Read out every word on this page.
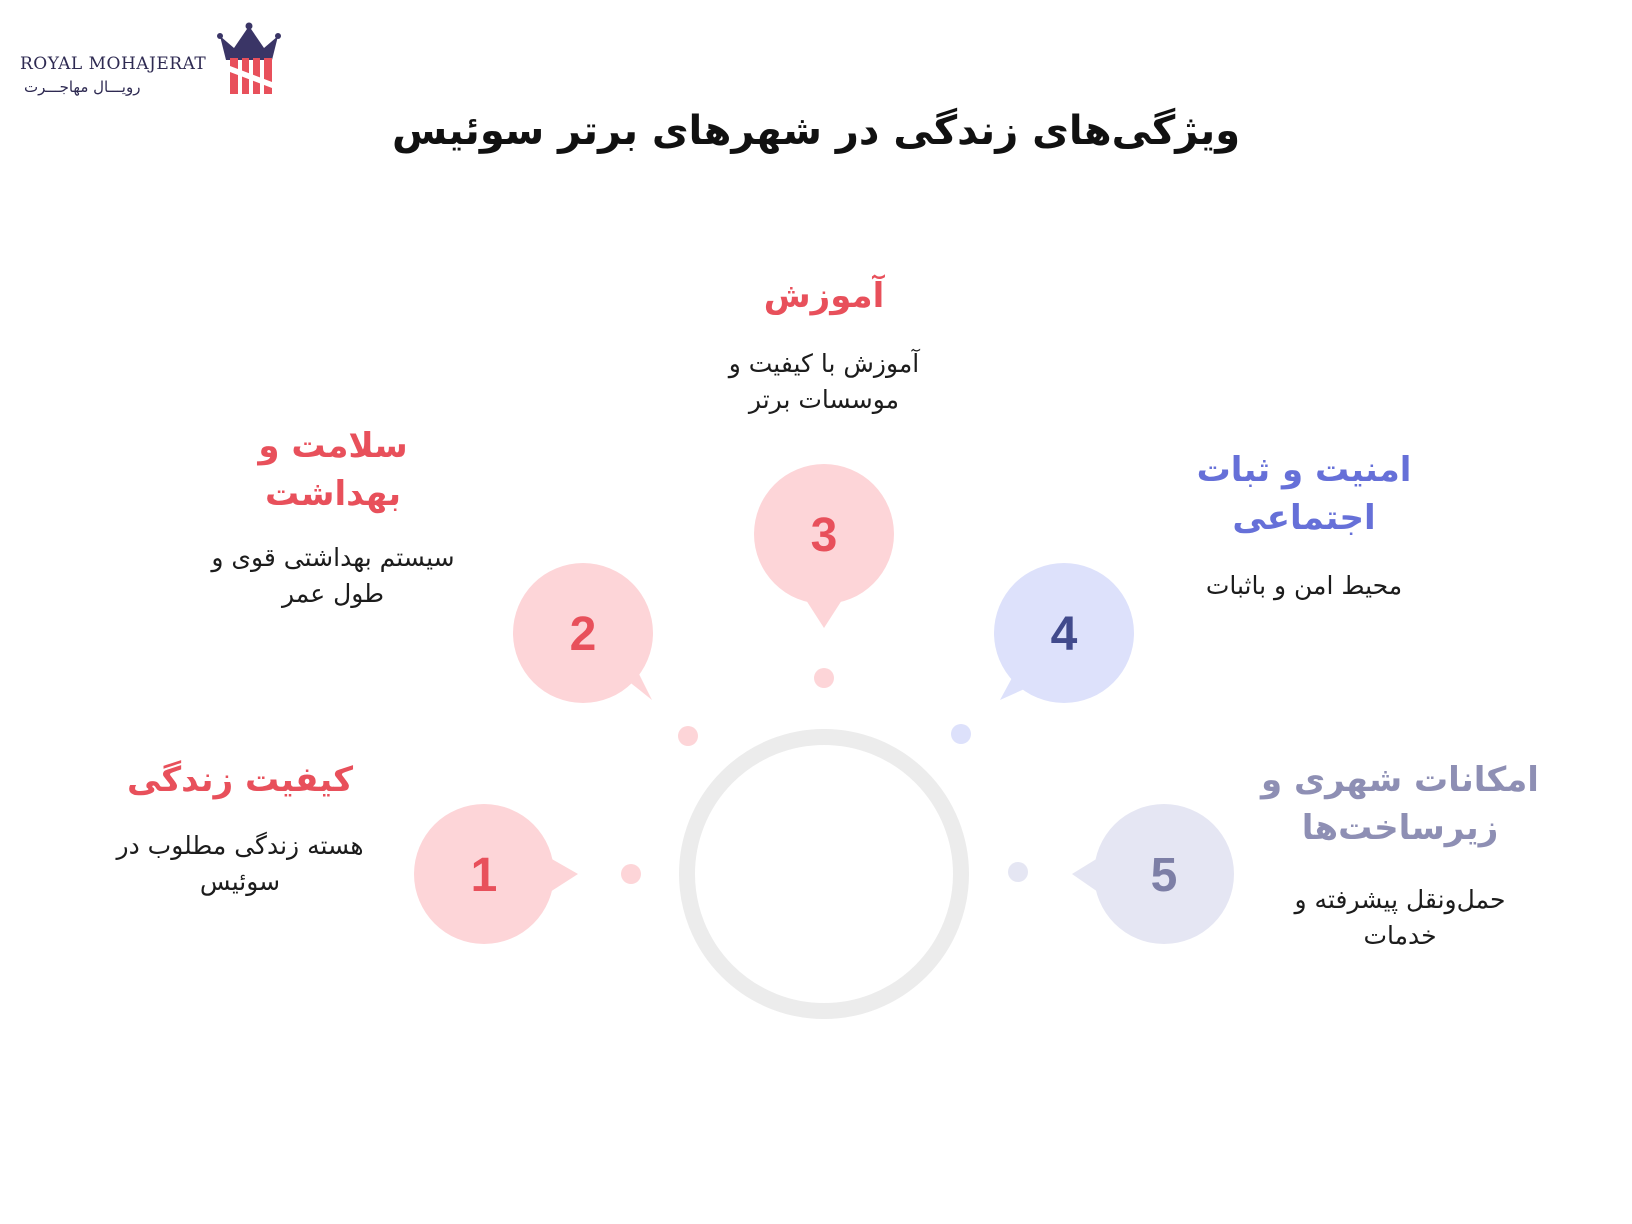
ROYAL MOHAJERAT
رویـــال مهاجـــرت
ویژگی‌های زندگی در شهرهای برتر سوئیس
1
2
3
4
5
کیفیت زندگی
هسته زندگی مطلوب در
سوئیس
سلامت و
بهداشت
سیستم بهداشتی قوی و
طول عمر
آموزش
آموزش با کیفیت و
موسسات برتر
امنیت و ثبات
اجتماعی
محیط امن و باثبات
امکانات شهری و
زیرساخت‌ها
حمل‌ونقل پیشرفته و
خدمات
